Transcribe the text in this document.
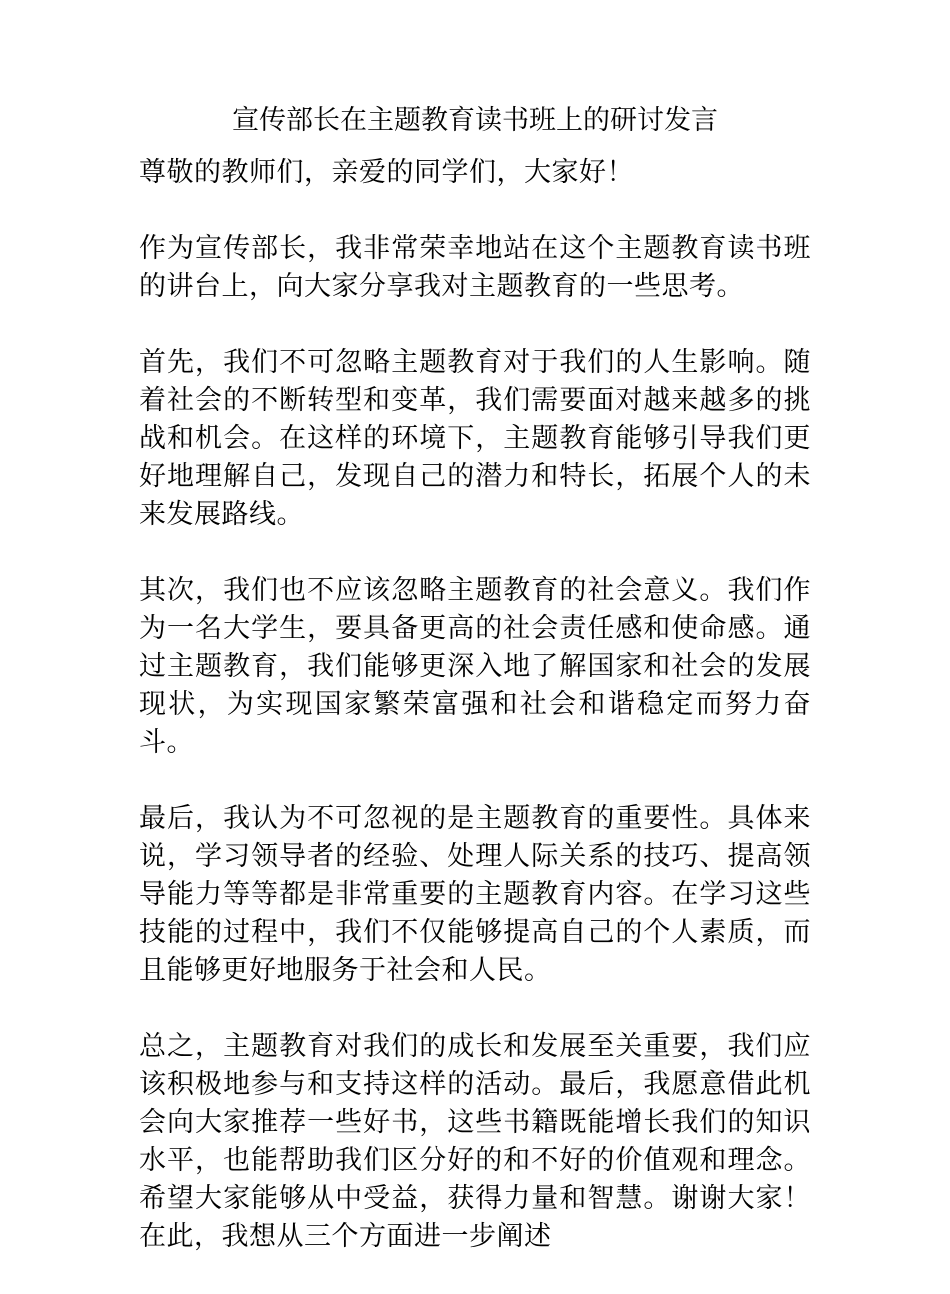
宣传部长在主题教育读书班上的研讨发言

尊敬的教师们，亲爱的同学们，大家好！

作为宣传部长，我非常荣幸地站在这个主题教育读书班的讲台上，向大家分享我对主题教育的一些思考。

首先，我们不可忽略主题教育对于我们的人生影响。随着社会的不断转型和变革，我们需要面对越来越多的挑战和机会。在这样的环境下，主题教育能够引导我们更好地理解自己，发现自己的潜力和特长，拓展个人的未来发展路线。

其次，我们也不应该忽略主题教育的社会意义。我们作为一名大学生，要具备更高的社会责任感和使命感。通过主题教育，我们能够更深入地了解国家和社会的发展现状，为实现国家繁荣富强和社会和谐稳定而努力奋斗。

最后，我认为不可忽视的是主题教育的重要性。具体来说，学习领导者的经验、处理人际关系的技巧、提高领导能力等等都是非常重要的主题教育内容。在学习这些技能的过程中，我们不仅能够提高自己的个人素质，而且能够更好地服务于社会和人民。

总之，主题教育对我们的成长和发展至关重要，我们应该积极地参与和支持这样的活动。最后，我愿意借此机会向大家推荐一些好书，这些书籍既能增长我们的知识水平，也能帮助我们区分好的和不好的价值观和理念。希望大家能够从中受益，获得力量和智慧。谢谢大家！在此，我想从三个方面进一步阐述
